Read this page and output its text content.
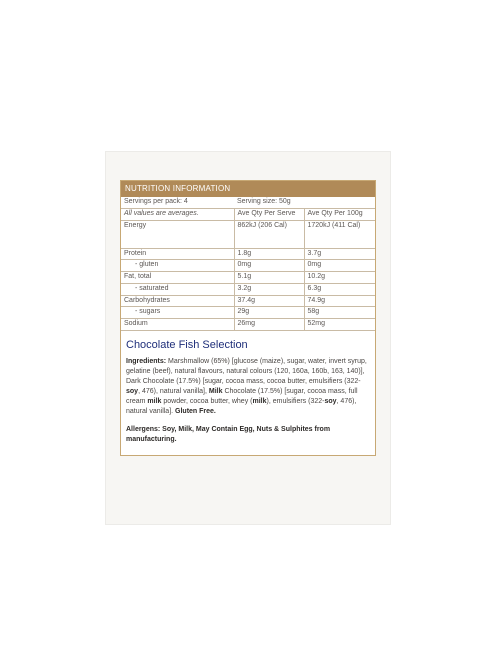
NUTRITION INFORMATION
Servings per pack: 4	Serving size: 50g	
All values are averages.	Ave Qty Per Serve	Ave Qty Per 100g
Energy	862kJ (206 Cal)	1720kJ (411 Cal)
Protein	1.8g	3.7g
- gluten	0mg	0mg
Fat, total	5.1g	10.2g
- saturated	3.2g	6.3g
Carbohydrates	37.4g	74.9g
- sugars	29g	58g
Sodium	26mg	52mg
Chocolate Fish Selection

Ingredients: Marshmallow (65%) [glucose (maize), sugar, water, invert syrup, gelatine (beef), natural flavours, natural colours (120, 160a, 160b, 163, 140)], Dark Chocolate (17.5%) [sugar, cocoa mass, cocoa butter, emulsifiers (322-soy, 476), natural vanilla], Milk Chocolate (17.5%) [sugar, cocoa mass, full cream milk powder, cocoa butter, whey (milk), emulsifiers (322-soy, 476), natural vanilla]. Gluten Free.

Allergens: Soy, Milk, May Contain Egg, Nuts & Sulphites from manufacturing.
